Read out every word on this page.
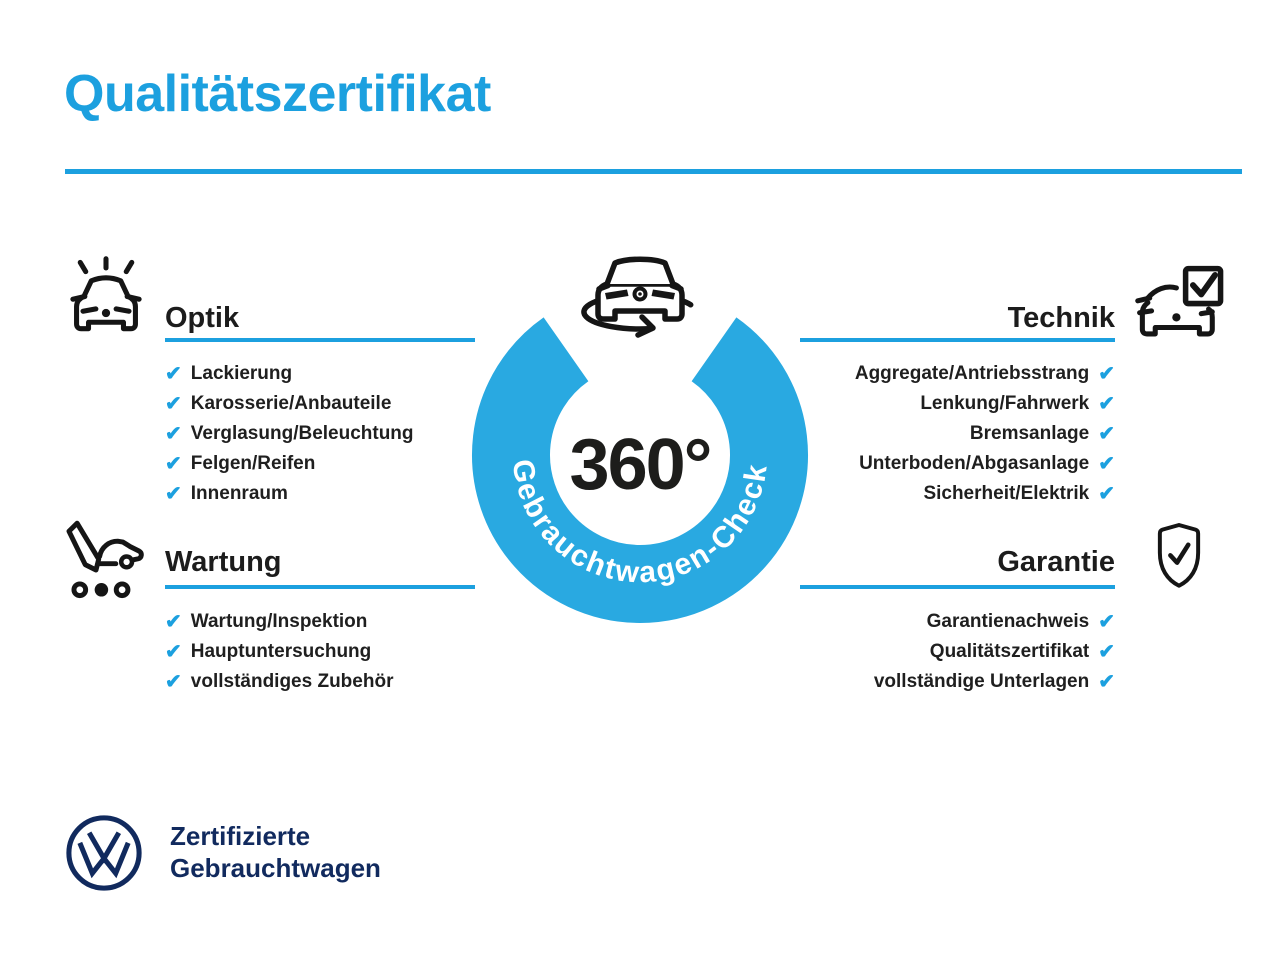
Qualitätszertifikat
Optik
✔ Lackierung
✔ Karosserie/Anbauteile
✔ Verglasung/Beleuchtung
✔ Felgen/Reifen
✔ Innenraum
Technik
Aggregate/Antriebsstrang ✔
Lenkung/Fahrwerk ✔
Bremsanlage ✔
Unterboden/Abgasanlage ✔
Sicherheit/Elektrik ✔
Wartung
✔ Wartung/Inspektion
✔ Hauptuntersuchung
✔ vollständiges Zubehör
Garantie
Garantienachweis ✔
Qualitätszertifikat ✔
vollständige Unterlagen ✔
Gebrauchtwagen-Check
360°
Zertifizierte
Gebrauchtwagen
